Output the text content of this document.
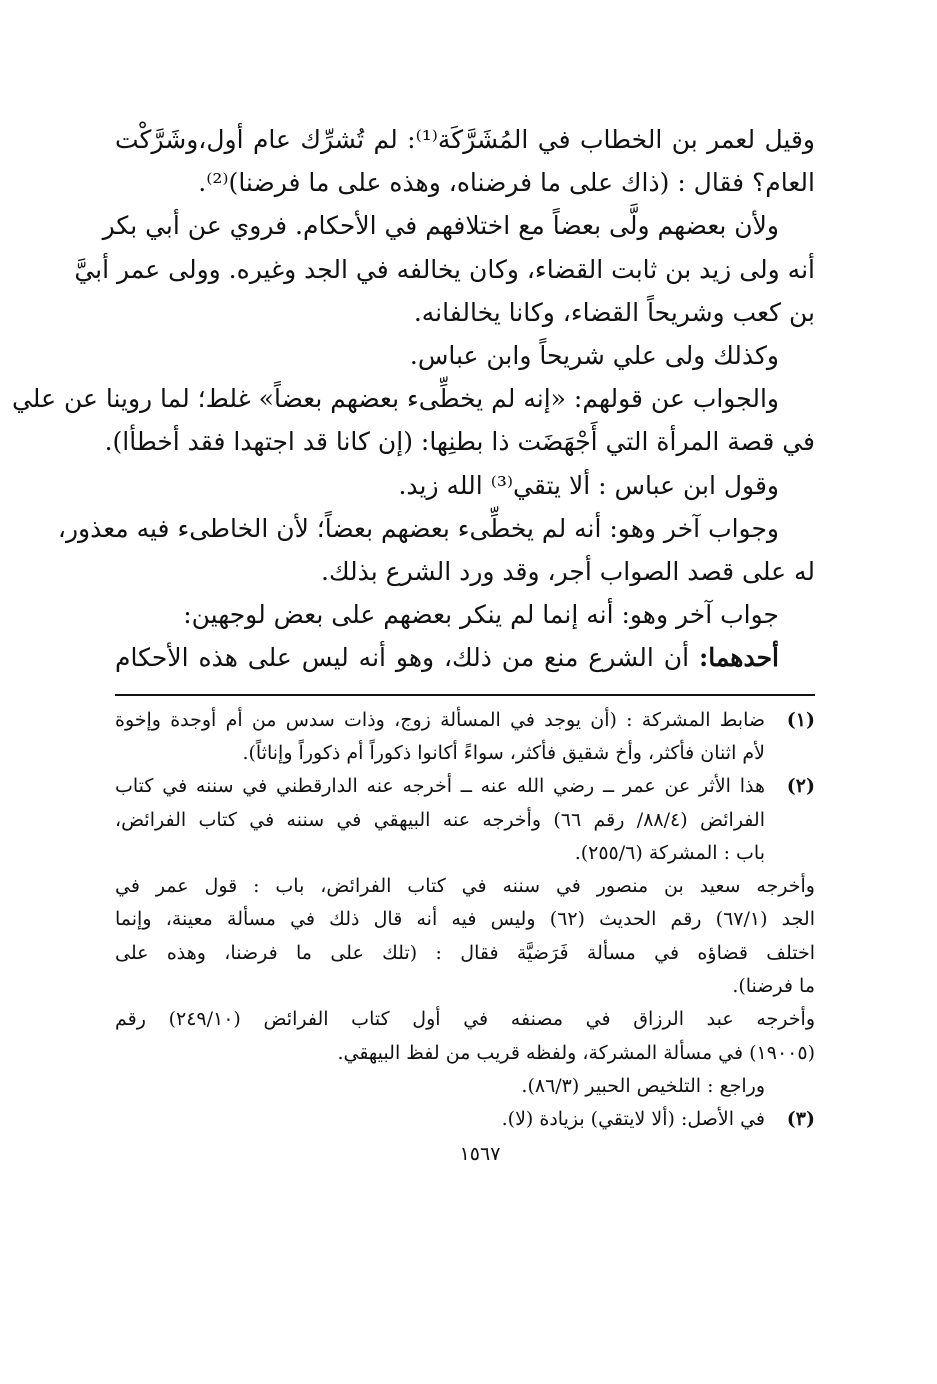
وقيل لعمر بن الخطاب في المُشَرَّكَة⁽¹⁾: لم تُشرِّك عام أول،وشَرَّكْت
العام؟ فقال : (ذاك على ما فرضناه، وهذه على ما فرضنا)⁽²⁾.
ولأن بعضهم ولَّى بعضاً مع اختلافهم في الأحكام. فروي عن أبي بكر
أنه ولى زيد بن ثابت القضاء، وكان يخالفه في الجد وغيره. وولى عمر أبيَّ
بن كعب وشريحاً القضاء، وكانا يخالفانه.
وكذلك ولى علي شريحاً وابن عباس.
والجواب عن قولهم: «إنه لم يخطِّىء بعضهم بعضاً» غلط؛ لما روينا عن علي
في قصة المرأة التي أَجْهَضَت ذا بطنِها: (إن كانا قد اجتهدا فقد أخطأا).
وقول ابن عباس : ألا يتقي⁽³⁾ الله زيد.
وجواب آخر وهو: أنه لم يخطِّىء بعضهم بعضاً؛ لأن الخاطىء فيه معذور،
له على قصد الصواب أجر، وقد ورد الشرع بذلك.
جواب آخر وهو: أنه إنما لم ينكر بعضهم على بعض لوجهين:
أحدهما: أن الشرع منع من ذلك، وهو أنه ليس على هذه الأحكام
(١)
ضابط المشركة : (أن يوجد في المسألة زوج، وذات سدس من أم أوجدة وإخوة
لأم اثنان فأكثر، وأخ شقيق فأكثر، سواءً أكانوا ذكوراً أم ذكوراً وإناثاً).
(٢)
هذا الأثر عن عمر ــ رضي الله عنه ــ أخرجه عنه الدارقطني في سننه في كتاب
الفرائض (٨٨/٤/ رقم ٦٦) وأخرجه عنه البيهقي في سننه في كتاب الفرائض،
باب : المشركة (٢٥٥/٦).
وأخرجه سعيد بن منصور في سننه في كتاب الفرائض، باب : قول عمر في
الجد (٦٧/١) رقم الحديث (٦٢) وليس فيه أنه قال ذلك في مسألة معينة، وإنما
اختلف قضاؤه في مسألة فَرَضيَّة فقال : (تلك على ما فرضنا، وهذه على
ما فرضنا).
وأخرجه عبد الرزاق في مصنفه في أول كتاب الفرائض (٢٤٩/١٠) رقم
(١٩٠٠٥) في مسألة المشركة، ولفظه قريب من لفظ البيهقي.
وراجع : التلخيص الحبير (٨٦/٣).
(٣)
في الأصل: (ألا لايتقي) بزيادة (لا).
١٥٦٧
